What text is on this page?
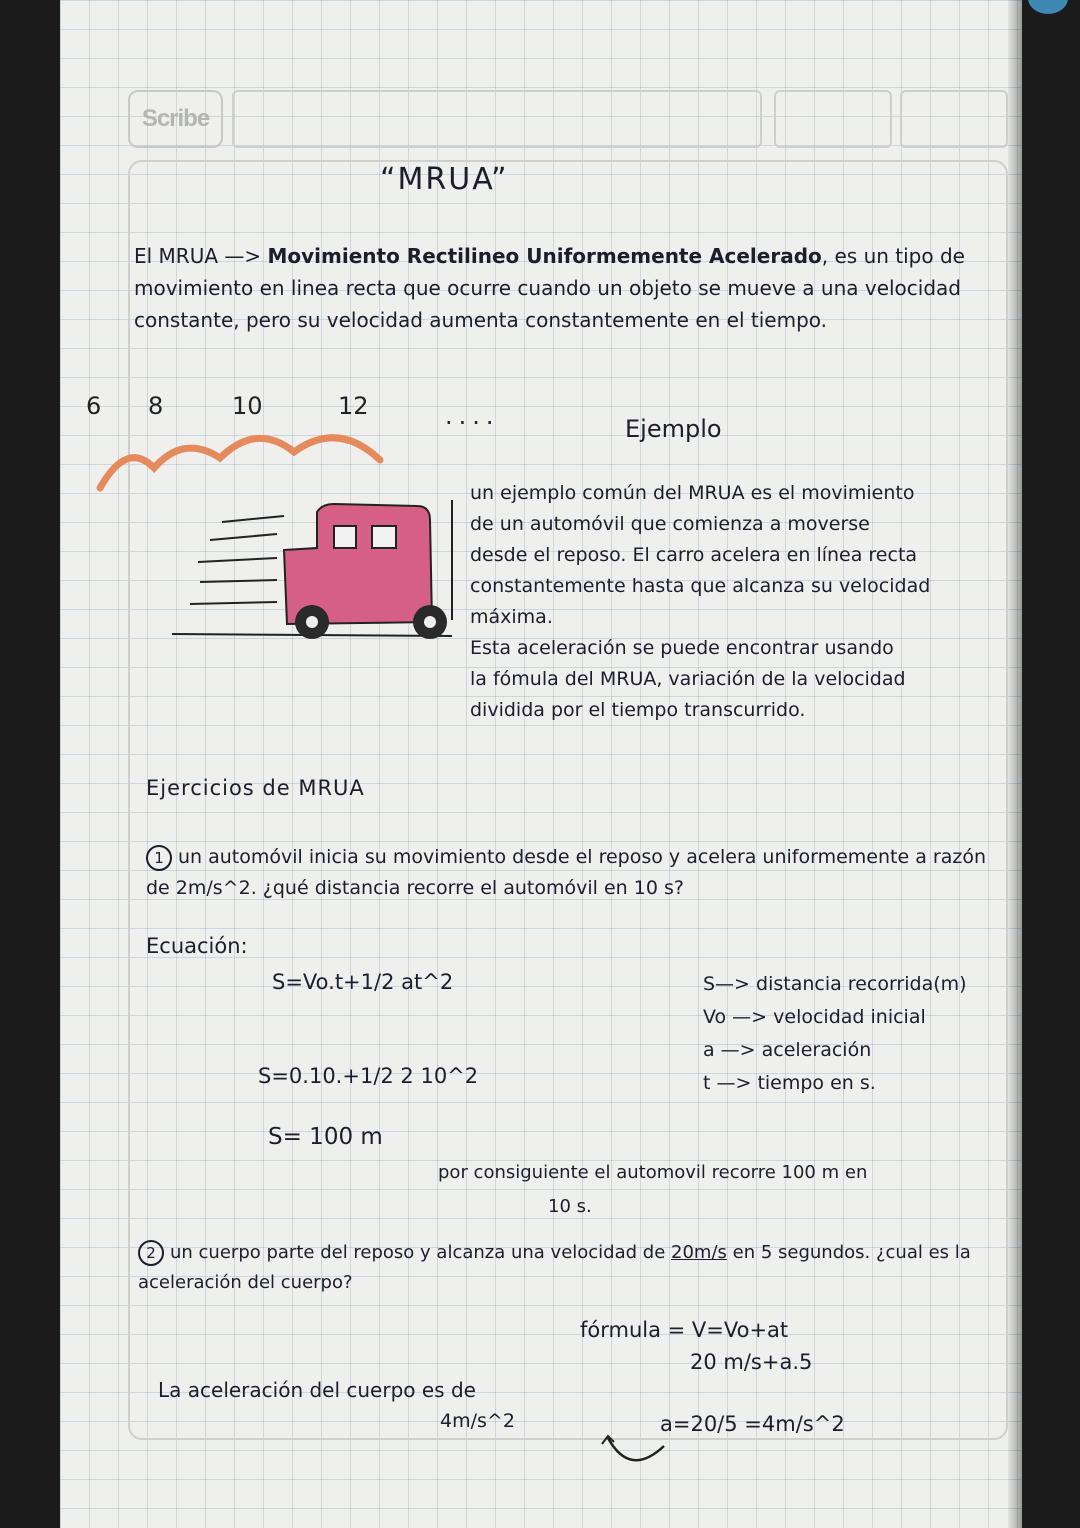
Scribe
“MRUA”

El MRUA —> Movimiento Rectilineo Uniformemente Acelerado, es un tipo de movimiento en linea recta que ocurre cuando un objeto se mueve a una velocidad constante, pero su velocidad aumenta constantemente en el tiempo.

6 8	10	12	....	Ejemplo

un ejemplo común del MRUA es el movimiento

de un automóvil que comienza a moverse

desde el reposo. El carro acelera en línea recta

constantemente hasta que alcanza su velocidad

máxima.

Esta aceleración se puede encontrar usando

la fómula del MRUA, variación de la velocidad

dividida por el tiempo transcurrido.

Ejercicios de MRUA

1 un automóvil inicia su movimiento desde el reposo y acelera uniformemente a razón de 2m/s^2. ¿qué distancia recorre el automóvil en 10 s?

Ecuación:
S=Vo.t+1/2 at^2
S=0.10.+1/2 2 10^2
S= 100 m
S—> distancia recorrida(m)
Vo —> velocidad inicial
a —> aceleración
t —> tiempo en s.

por consiguiente el automovil recorre 100 m en

10 s.

2 un cuerpo parte del reposo y alcanza una velocidad de 20m/s en 5 segundos. ¿cual es la aceleración del cuerpo?

fórmula = V=Vo+at
20 m/s+a.5
La aceleración del cuerpo es de
4m/s^2	a=20/5 =4m/s^2
